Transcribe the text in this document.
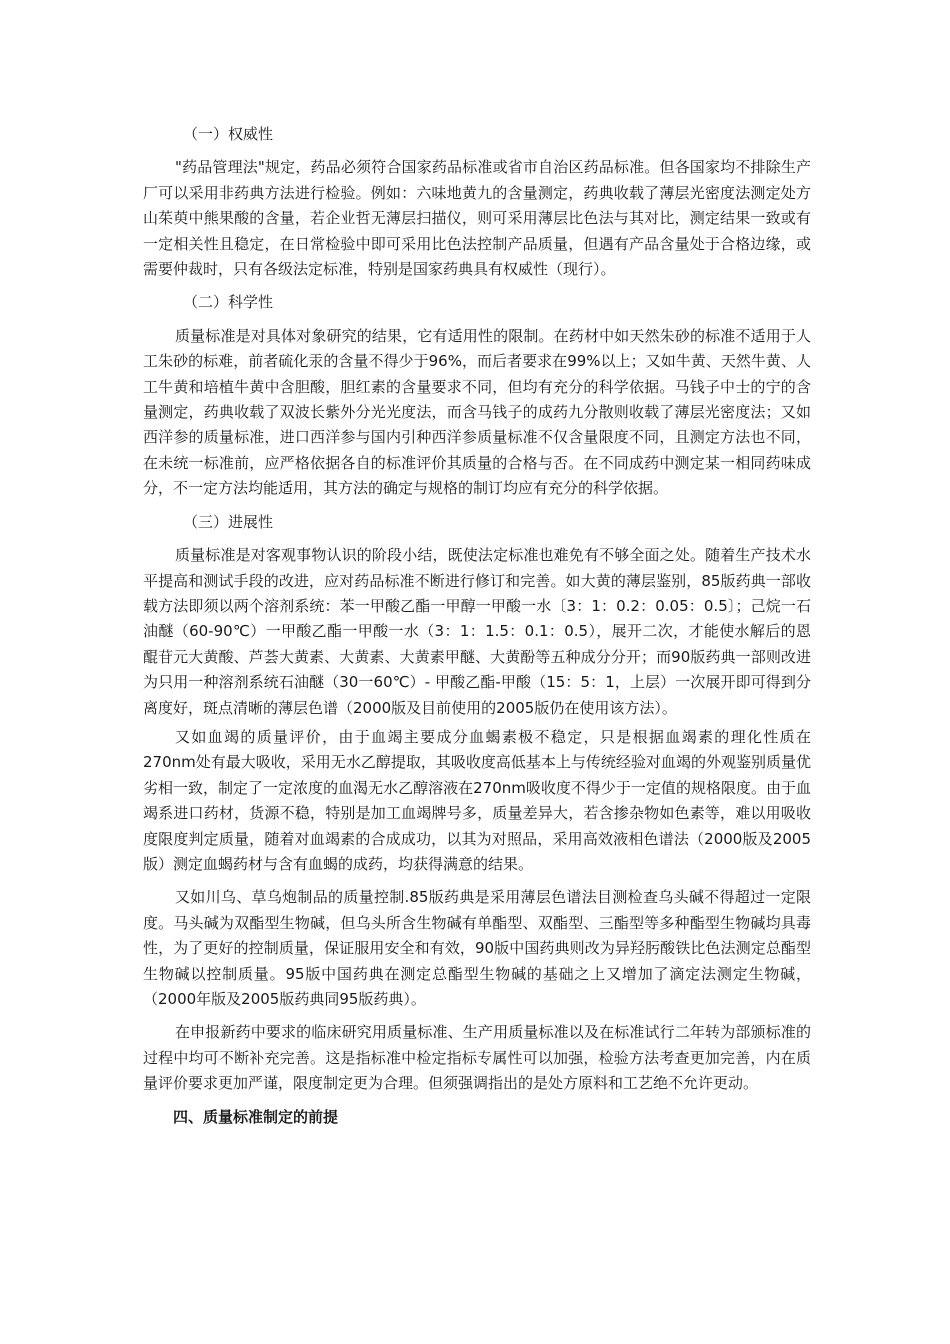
（一）权威性

"药品管理法"规定，药品必须符合国家药品标准或省市自治区药品标准。但各国家均不排除生产厂可以采用非药典方法进行检验。例如：六味地黄九的含量测定，药典收载了薄层光密度法测定处方山茱萸中熊果酸的含量，若企业哲无薄层扫描仪，则可采用薄层比色法与其对比，测定结果一致或有一定相关性且稳定，在日常检验中即可采用比色法控制产品质量，但遇有产品含量处于合格边缘，或需要仲裁时，只有各级法定标准，特别是国家药典具有权威性（现行）。

（二）科学性

质量标准是对具体对象研究的结果，它有适用性的限制。在药材中如天然朱砂的标准不适用于人工朱砂的标难，前者硫化汞的含量不得少于96%，而后者要求在99%以上；又如牛黄、天然牛黄、人工牛黄和培植牛黄中含胆酸，胆红素的含量要求不同，但均有充分的科学依据。马钱子中士的宁的含量测定，药典收载了双波长紫外分光光度法，而含马钱子的成药九分散则收载了薄层光密度法；又如西洋参的质量标准，进口西洋参与国内引种西洋参质量标准不仅含量限度不同，且测定方法也不同，在未统一标准前，应严格依据各自的标准评价其质量的合格与否。在不同成药中测定某一相同药味成分，不一定方法均能适用，其方法的确定与规格的制订均应有充分的科学依据。

（三）进展性

质量标准是对客观事物认识的阶段小结，既使法定标准也难免有不够全面之处。随着生产技术水平提高和测试手段的改进，应对药品标准不断进行修订和完善。如大黄的薄层鉴别，85版药典一部收载方法即须以两个溶剂系统：苯一甲酸乙酯一甲醇一甲酸一水〔3：1：0.2：0.05：0.5〕；己烷一石油醚（60-90℃）一甲酸乙酯一甲酸一水（3：1：1.5：0.1：0.5），展开二次，才能使水解后的恩醌苷元大黄酸、芦荟大黄素、大黄素、大黄素甲醚、大黄酚等五种成分分开；而90版药典一部则改进为只用一种溶剂系统石油醚（30一60℃）- 甲酸乙酯-甲酸（15：5：1，上层）一次展开即可得到分离度好，斑点清晰的薄层色谱（2000版及目前使用的2005版仍在使用该方法）。

又如血竭的质量评价，由于血竭主要成分血蝎素极不稳定，只是根据血竭素的理化性质在270nm处有最大吸收，采用无水乙醇提取，其吸收度高低基本上与传统经验对血竭的外观鉴别质量优劣相一致，制定了一定浓度的血渴无水乙醇溶液在270nm吸收度不得少于一定值的规格限度。由于血竭系进口药材，货源不稳，特别是加工血竭牌号多，质量差异大，若含掺杂物如色素等，难以用吸收度限度判定质量，随着对血竭素的合成成功，以其为对照品，采用高效液相色谱法（2000版及2005版）测定血蝎药材与含有血蝎的成药，均获得满意的结果。

又如川乌、草乌炮制品的质量控制.85版药典是采用薄层色谱法目测检查乌头碱不得超过一定限度。马头碱为双酯型生物碱，但乌头所含生物碱有单酯型、双酯型、三酯型等多种酯型生物碱均具毒性，为了更好的控制质量，保证服用安全和有效，90版中国药典则改为异羟肟酸铁比色法测定总酯型生物碱以控制质量。95版中国药典在测定总酯型生物碱的基础之上又增加了滴定法测定生物碱，（2000年版及2005版药典同95版药典）。

在申报新药中要求的临床研究用质量标准、生产用质量标准以及在标准试行二年转为部颁标准的过程中均可不断补充完善。这是指标准中检定指标专属性可以加强，检验方法考查更加完善，内在质量评价要求更加严谨，限度制定更为合理。但须强调指出的是处方原料和工艺绝不允许更动。

四、质量标准制定的前提
